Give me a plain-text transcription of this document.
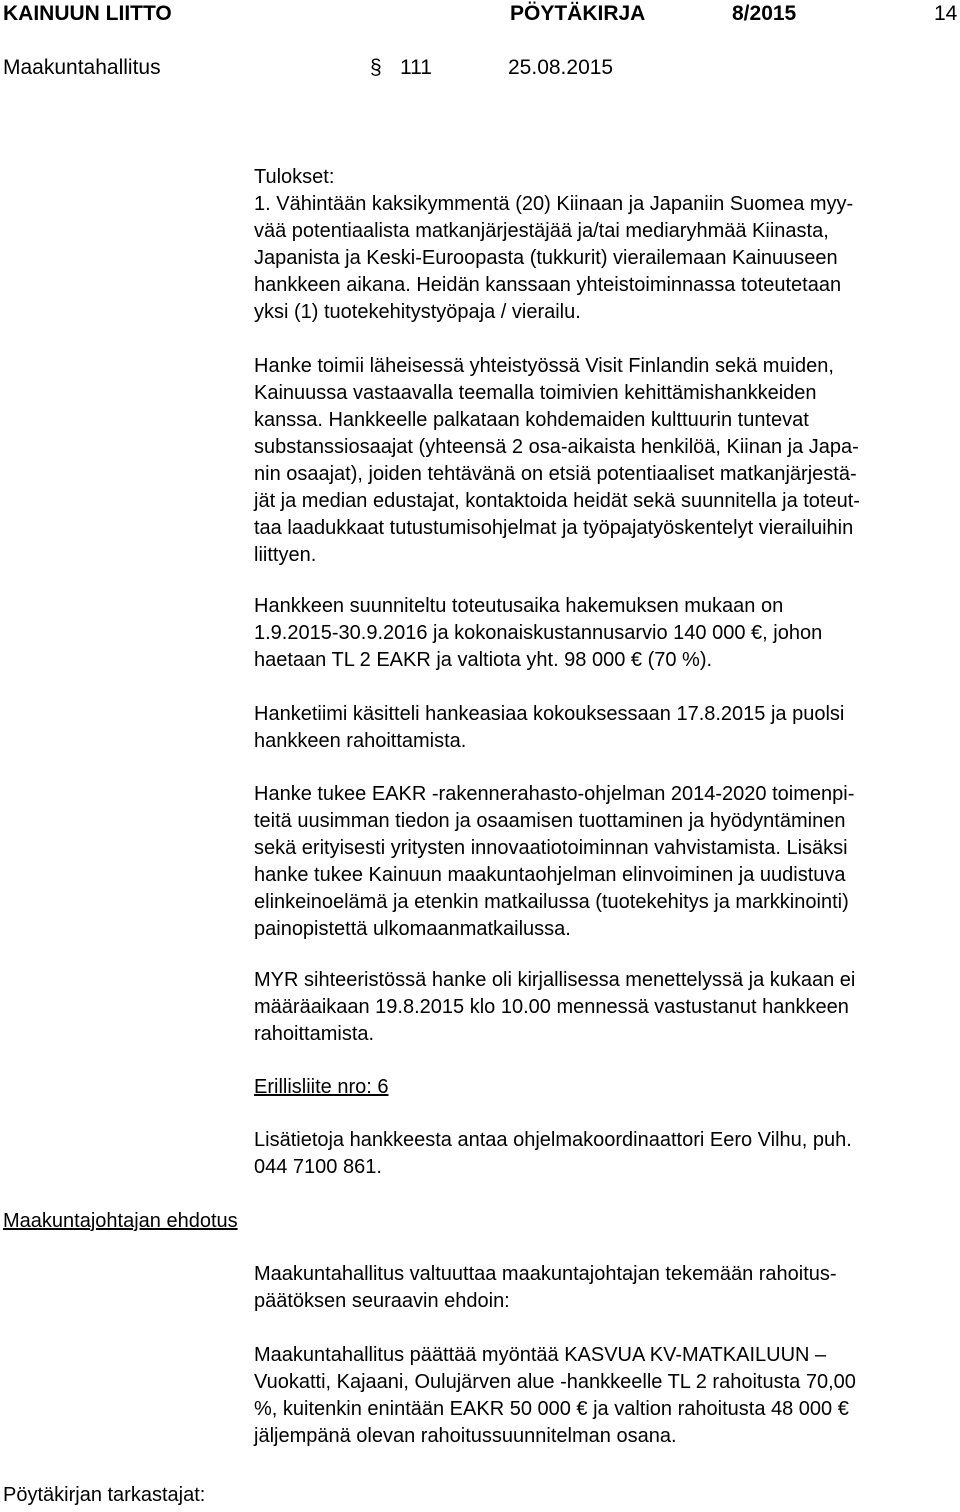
KAINUUN LIITTO	PÖYTÄKIRJA	8/2015	14
Maakuntahallitus	§ 111	25.08.2015
Tulokset:
1. Vähintään kaksikymmentä (20) Kiinaan ja Japaniin Suomea myy-
vää potentiaalista matkanjärjestäjää ja/tai mediaryhmää Kiinasta,
Japanista ja Keski-Euroopasta (tukkurit) vierailemaan Kainuuseen
hankkeen aikana. Heidän kanssaan yhteistoiminnassa toteutetaan
yksi (1) tuotekehitystyöpaja / vierailu.
Hanke toimii läheisessä yhteistyössä Visit Finlandin sekä muiden,
Kainuussa vastaavalla teemalla toimivien kehittämishankkeiden
kanssa. Hankkeelle palkataan kohdemaiden kulttuurin tuntevat
substanssiosaajat (yhteensä 2 osa-aikaista henkilöä, Kiinan ja Japa-
nin osaajat), joiden tehtävänä on etsiä potentiaaliset matkanjärjestä-
jät ja median edustajat, kontaktoida heidät sekä suunnitella ja toteut-
taa laadukkaat tutustumisohjelmat ja työpajatyöskentelyt vierailuihin
liittyen.
Hankkeen suunniteltu toteutusaika hakemuksen mukaan on
1.9.2015-30.9.2016 ja kokonaiskustannusarvio 140 000 €, johon
haetaan TL 2 EAKR ja valtiota yht. 98 000 € (70 %).
Hanketiimi käsitteli hankeasiaa kokouksessaan 17.8.2015 ja puolsi
hankkeen rahoittamista.
Hanke tukee EAKR -rakennerahasto-ohjelman 2014-2020 toimenpi-
teitä uusimman tiedon ja osaamisen tuottaminen ja hyödyntäminen
sekä erityisesti yritysten innovaatiotoiminnan vahvistamista. Lisäksi
hanke tukee Kainuun maakuntaohjelman elinvoiminen ja uudistuva
elinkeinoelämä ja etenkin matkailussa (tuotekehitys ja markkinointi)
painopistettä ulkomaanmatkailussa.
MYR sihteeristössä hanke oli kirjallisessa menettelyssä ja kukaan ei
määräaikaan 19.8.2015 klo 10.00 mennessä vastustanut hankkeen
rahoittamista.
Erillisliite nro: 6
Lisätietoja hankkeesta antaa ohjelmakoordinaattori Eero Vilhu, puh.
044 7100 861.
Maakuntajohtajan ehdotus
Maakuntahallitus valtuuttaa maakuntajohtajan tekemään rahoitus-
päätöksen seuraavin ehdoin:
Maakuntahallitus päättää myöntää KASVUA KV-MATKAILUUN –
Vuokatti, Kajaani, Oulujärven alue -hankkeelle TL 2 rahoitusta 70,00
%, kuitenkin enintään EAKR 50 000 € ja valtion rahoitusta 48 000 €
jäljempänä olevan rahoitussuunnitelman osana.
Pöytäkirjan tarkastajat:
